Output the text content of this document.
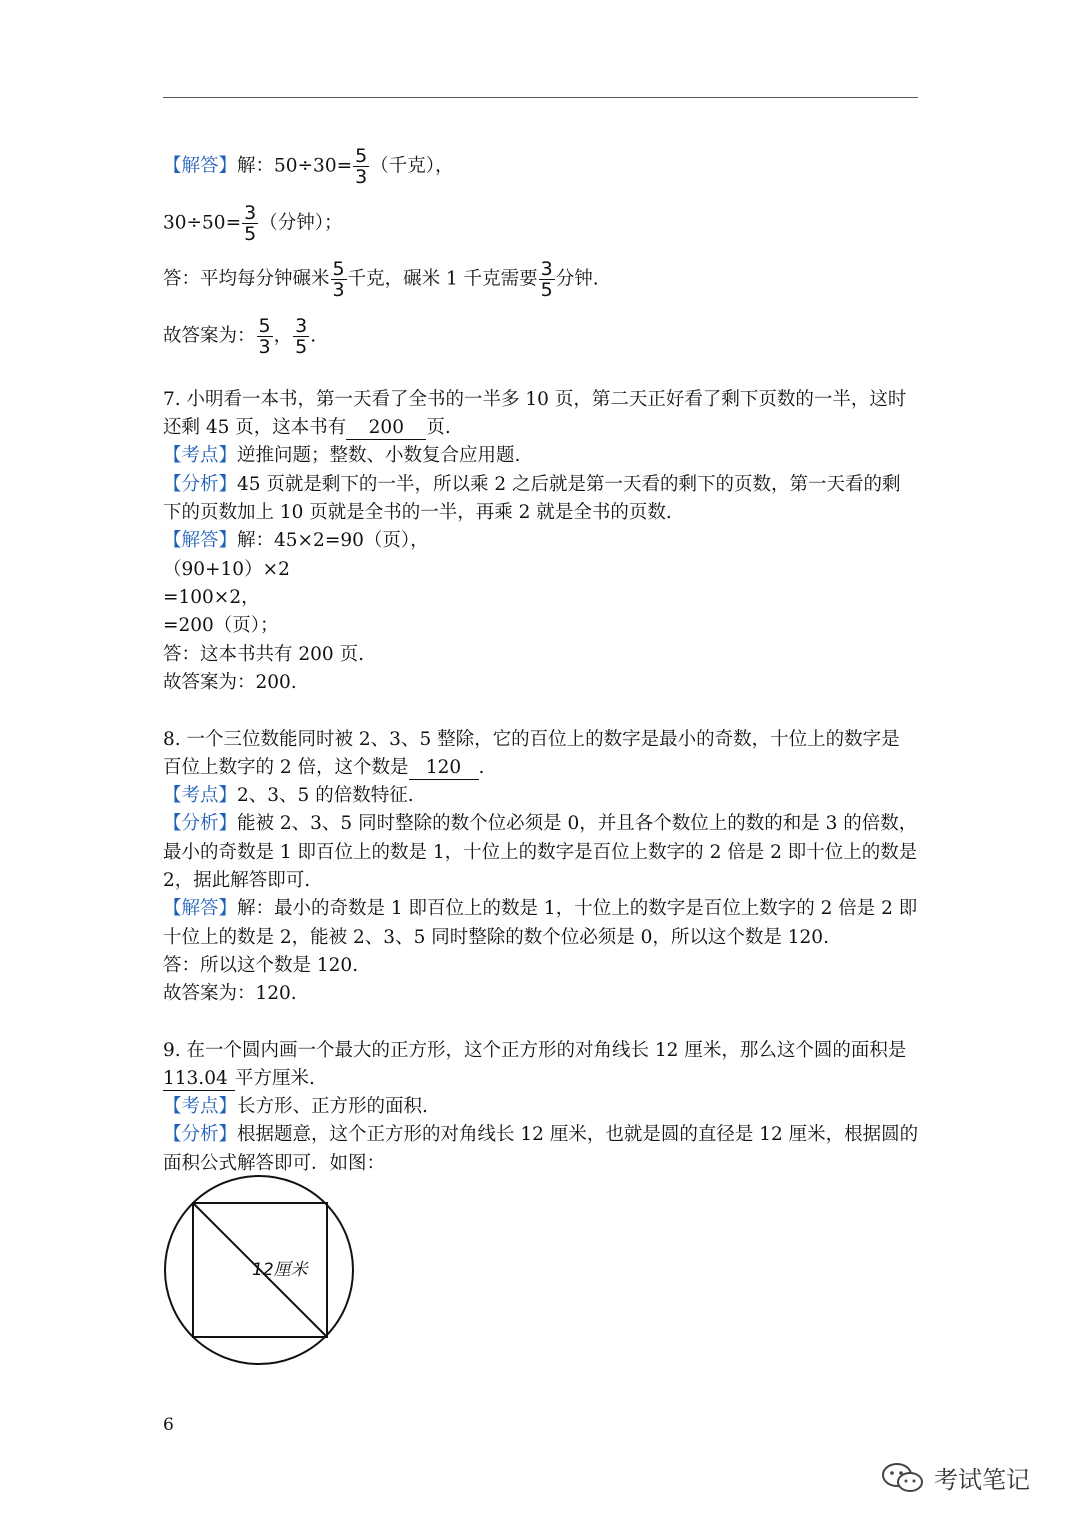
【解答】解：$50\div 30= \frac{5}{3}$ （千克），
$30\div 50= \frac{3}{5}$ （分钟）；
答：平均每分钟碾米 $\frac{5}{3}$ 千克，碾米 1 千克需要 $\frac{3}{5}$ 分钟.
故答案为： $\frac{5}{3}$ ， $\frac{3}{5}$ .
7. 小明看一本书，第一天看了全书的一半多 10 页，第二天正好看了剩下页数的一半，这时
还剩 45 页，这本书有 200 页.
【考点】逆推问题；整数、小数复合应用题.
【分析】45 页就是剩下的一半，所以乘 2 之后就是第一天看的剩下的页数，第一天看的剩
下的页数加上 10 页就是全书的一半，再乘 2 就是全书的页数.
【解答】解：45×2=90（页），
（90+10）×2
=100×2，
=200（页）；
答：这本书共有 200 页.
故答案为：200.
8. 一个三位数能同时被 2、3、5 整除，它的百位上的数字是最小的奇数，十位上的数字是
百位上数字的 2 倍，这个数是 120 .
【考点】2、3、5 的倍数特征.
【分析】能被 2、3、5 同时整除的数个位必须是 0，并且各个数位上的数的和是 3 的倍数，
最小的奇数是 1 即百位上的数是 1，十位上的数字是百位上数字的 2 倍是 2 即十位上的数是
2，据此解答即可.
【解答】解：最小的奇数是 1 即百位上的数是 1，十位上的数字是百位上数字的 2 倍是 2 即
十位上的数是 2，能被 2、3、5 同时整除的数个位必须是 0，所以这个数是 120.
答：所以这个数是 120.
故答案为：120.
9. 在一个圆内画一个最大的正方形，这个正方形的对角线长 12 厘米，那么这个圆的面积是
113.04 平方厘米.
【考点】长方形、正方形的面积.
【分析】根据题意，这个正方形的对角线长 12 厘米，也就是圆的直径是 12 厘米，根据圆的
面积公式解答即可．如图：
12厘米
6
考试笔记
